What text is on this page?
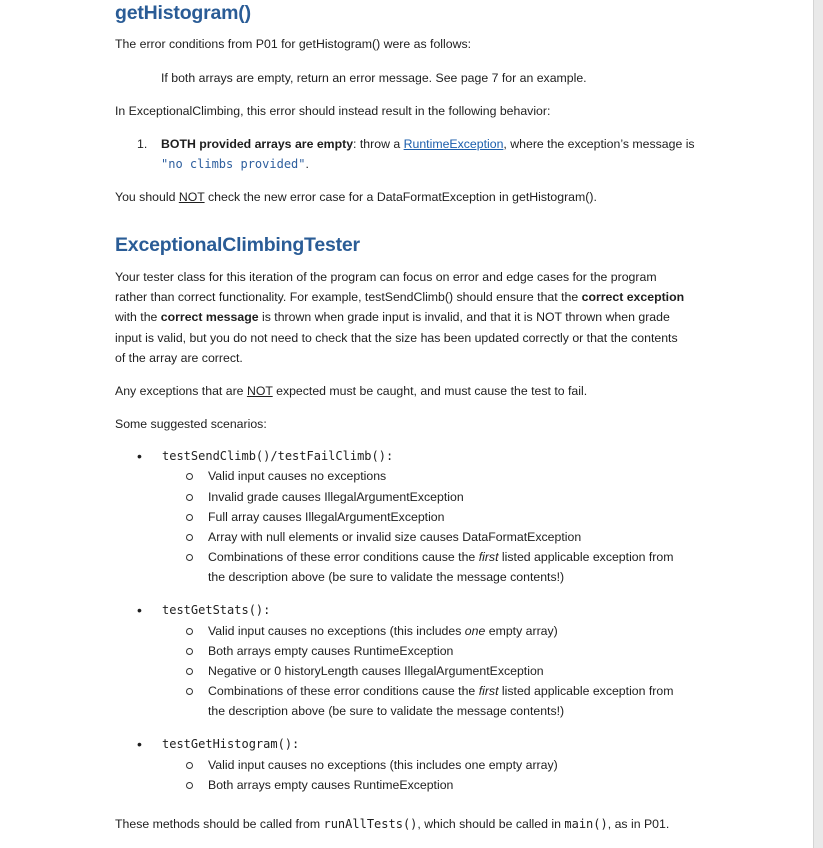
getHistogram()

The error conditions from P01 for getHistogram() were as follows:

If both arrays are empty, return an error message. See page 7 for an example.

In ExceptionalClimbing, this error should instead result in the following behavior:

1.	BOTH provided arrays are empty: throw a RuntimeException, where the exception’s message is

"no climbs provided".

You should NOT check the new error case for a DataFormatException in getHistogram().

ExceptionalClimbingTester

Your tester class for this iteration of the program can focus on error and edge cases for the program

rather than correct functionality. For example, testSendClimb() should ensure that the correct exception

with the correct message is thrown when grade input is invalid, and that it is NOT thrown when grade

input is valid, but you do not need to check that the size has been updated correctly or that the contents

of the array are correct.

Any exceptions that are NOT expected must be caught, and must cause the test to fail.

Some suggested scenarios:

• testSendClimb()/testFailClimb():

Valid input causes no exceptions

Invalid grade causes IllegalArgumentException

Full array causes IllegalArgumentException

Array with null elements or invalid size causes DataFormatException

Combinations of these error conditions cause the first listed applicable exception from

the description above (be sure to validate the message contents!)

• testGetStats():

Valid input causes no exceptions (this includes one empty array)

Both arrays empty causes RuntimeException

Negative or 0 historyLength causes IllegalArgumentException

Combinations of these error conditions cause the first listed applicable exception from

the description above (be sure to validate the message contents!)

• testGetHistogram():

Valid input causes no exceptions (this includes one empty array)

Both arrays empty causes RuntimeException

These methods should be called from runAllTests(), which should be called in main(), as in P01.
